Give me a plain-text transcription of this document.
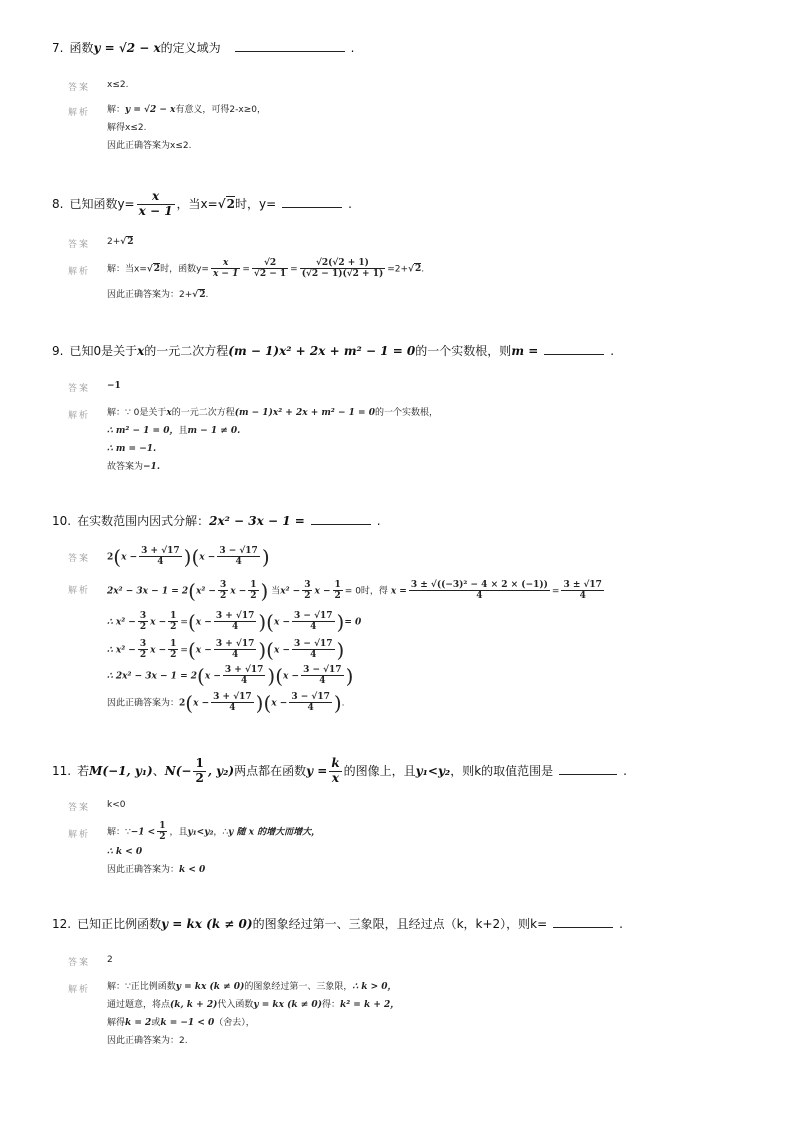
7. 函数y = √2 − x的定义域为	.
答案 x≤2.
解析 解：y = √2 − x有意义，可得2-x≥0，
解得x≤2.
因此正确答案为x≤2.
8. 已知函数$y= \frac{x}{x - 1}$ ，当x=√2时，y=	.
答案 2+√2
解析 解：当x=√2时，函数$y= \frac{x}{x - 1} = \frac{√2}{√2 - 1} = \frac{√2(√2 + 1)}{(√2 - 1)(√2 + 1)} =2+√2$.
因此正确答案为：2+√2.
9. 已知0是关于x的一元二次方程(m − 1)x² + 2x + m² − 1 = 0的一个实数根，则m =	.
答案 −1
解析 解：∵ 0是关于x的一元二次方程(m − 1)x² + 2x + m² − 1 = 0的一个实数根，
∴ m² − 1 = 0，且m − 1 ≠ 0.
∴ m = −1.
故答案为−1.
10. 在实数范围内因式分解：2x² − 3x − 1 =	.
答案 $2(x - \frac{3 + √17}{4} )(x - \frac{3 - √17}{4}$ )
解析 $2x^2 - 3x - 1 = 2(x^2 - \frac{3}{2}$ $x - \frac{1}{2}$ ) 当$x^2 - \frac{3}{2}$ $x - \frac{1}{2} = 0$时，得 $x = \frac{\text{3 ± √((−3)² − 4 × 2 × (−1))}}{4} = \frac{3 \pm √17}{4}$
∴ $x^2 - \frac{3}{2}$ $x - \frac{1}{2} =(x - \frac{3 + √17}{4} )(x - \frac{3 - √17}{4}$ )= 0
∴ $x^2 - \frac{3}{2}$ $x - \frac{1}{2} =(x - \frac{3 + √17}{4} )(x - \frac{3 - √17}{4}$ )
∴ $2x^2 - 3x - 1 = 2(x - \frac{3 + √17}{4} )(x - \frac{3 - √17}{4}$ )
因此正确答案为：$2(x - \frac{3 + √17}{4} )(x - \frac{3 - √17}{4}$ ).
11. 若M(−1, y₁)、$N(- \frac{1}{2}$ , y₂)两点都在函数$y = \frac{k}{x}$ 的图像上，且y₁<y₂，则k的取值范围是	.
答案 k<0
解析 解：∵−1 < $\frac{1}{2}$ ，且y₁<y₂，∴y 随 x 的增大而增大，
∴ k < 0
因此正确答案为：k < 0
12. 已知正比例函数y = kx (k ≠ 0)的图象经过第一、三象限，且经过点（k，k+2），则k=	.
答案 2
解析 解：∵正比例函数y = kx (k ≠ 0)的图象经过第一、三象限，∴ k > 0，
通过题意，将点(k, k + 2)代入函数y = kx (k ≠ 0)得：k² = k + 2，
解得k = 2或k = −1 < 0（舍去），
因此正确答案为：2.
